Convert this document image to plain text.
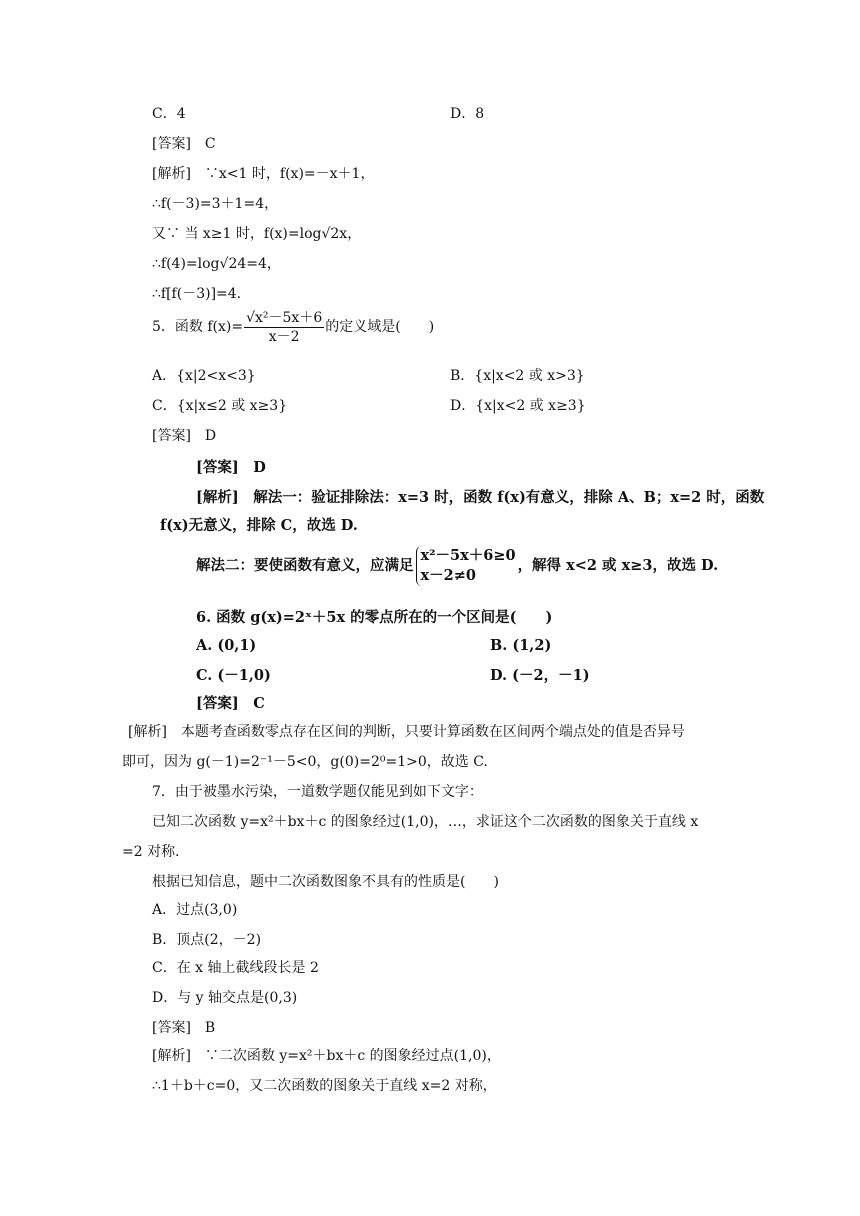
C．4	D．8
[答案]　C
[解析]　∵x<1 时，f(x)=－x＋1，
∴f(－3)=3＋1=4，
又∵ 当 x≥1 时，f(x)=log√2x，
∴f(4)=log√24=4，
∴f[f(－3)]=4.
5．函数 $f(x)= \frac{\text{√x²－5x＋6}}{x-2}$ 的定义域是(　　)
A．{x|2<x<3}	B．{x|x<2 或 x>3}
C．{x|x≤2 或 x≥3}	D．{x|x<2 或 x≥3}
[答案]　D
[答案]　D
[解析]　解法一：验证排除法：x=3 时，函数 f(x)有意义，排除 A、B；x=2 时，函数
f(x)无意义，排除 C，故选 D.
解法二：要使函数有意义，应满足
x²－5x＋6≥0
x－2≠0
，解得 x<2 或 x≥3，故选 D.
6. 函数 g(x)=2ˣ＋5x 的零点所在的一个区间是(　　)
A. (0,1)	B. (1,2)
C. (－1,0)	D. (－2，－1)
[答案]　C
[解析]　本题考查函数零点存在区间的判断，只要计算函数在区间两个端点处的值是否异号
即可，因为 g(－1)=2⁻¹－5<0，g(0)=2⁰=1>0，故选 C.
7．由于被墨水污染，一道数学题仅能见到如下文字：
已知二次函数 y=x²＋bx＋c 的图象经过(1,0)，…，求证这个二次函数的图象关于直线 x
=2 对称．
根据已知信息，题中二次函数图象不具有的性质是(　　)
A．过点(3,0)
B．顶点(2，－2)
C．在 x 轴上截线段长是 2
D．与 y 轴交点是(0,3)
[答案]　B
[解析]　∵二次函数 y=x²＋bx＋c 的图象经过点(1,0)，
∴1＋b＋c=0，又二次函数的图象关于直线 x=2 对称，
